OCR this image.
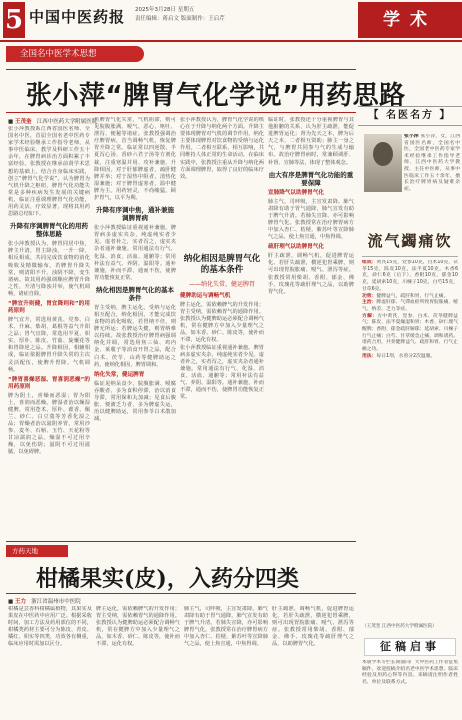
5 中国中医药报 2025年3月28日 星期五
责任编辑：蒋启文 版面制作：王启芹	学术
全国名中医学术思想
张小萍“脾胃气化学说”用药思路
■ 王茂奎 江西中医药大学附属医院

张小萍教授系江西省国医名师、全国名中医，首届全国名老中医药专家学术经验继承工作指导老师，从事中医临床、教学及科研工作五十余年，在脾胃病诊治方面积累了丰富经验。张教授在继承前贤学术思想的基础上，结合自身临床实践，创立“脾胃气化学说”，认为脾胃为气机升降之枢纽，脾胃气化功能失常是多种疾病发生发展的关键病机，临证注重调理脾胃气化功能，用药灵活，疗效显著，现将其用药思路总结如下。

升降有序调脾胃气化的用药整体思路

张小萍教授认为，脾胃同居中焦，脾主升清，胃主降浊，一升一降，相反相成，共同完成饮食物的消化吸收及精微输布。若脾胃升降失常，则清阳不升、浊阴不降，变生诸病。故其用药强调顺应脾胃升降之性，升清与降浊并举，使气机调畅，诸症自除。

“脾宜升则健，胃宜降则和”的用药原则

脾气宜升，常选用黄芪、党参、白术、升麻、柴胡、葛根等益气升阳之品；胃气宜降，常选用半夏、枳实、厚朴、陈皮、竹茹、旋覆花等和胃降逆之品。升降相因，相辅相成，临证依据脾胃升降失常的主次灵活配伍，使脾升胃降，气机调畅。

“脾胃喜燥恶湿、胃喜润恶燥”的用药原则

脾为阴土，喜燥而恶湿；胃为阳土，喜润而恶燥。脾湿者治以燥湿健脾，常用苍术、厚朴、藿香、佩兰、砂仁、白豆蔻等芳香化湿之品；胃燥者治以滋阴养胃，常用沙参、麦冬、石斛、玉竹、天花粉等甘凉濡润之品。燥湿不可过用辛燥，以免伤阴；滋阴不可过用滋腻，以免碍脾。

若脾胃气化失常，气机阻滞，则可见脘腹胀满、嗳气、恶心、呕吐、泄泻、便秘等诸症。张教授强调治疗脾胃病，首当调畅气机，恢复脾胃升降之常。临证常以四逆散、半夏泻心汤、香砂六君子汤等方剂化裁，注重寒温并用、攻补兼施、升降相因。对于肝郁脾虚者，疏肝健脾并举；对于湿热中阻者，清热化湿兼施；对于脾胃虚寒者，温中健脾为主。用药轻灵，不尚峻猛，顾护胃气，以平为期。

升降有序调中焦，通补兼施调脾胃病

张小萍教授临证重视通补兼施。脾胃病多虚实夹杂，纯虚纯实者少见。虚者补之，实者泻之，虚实夹杂者通补兼施。常用通法有行气、化湿、消食、活血、通腑等；常用补法有益气、养阴、温阳等。通补兼施，补而不滞，通而不伤，使脾胃功能恢复正常。

纳化相因是脾胃气化的基本条件

胃主受纳，脾主运化。受纳与运化相互配合，纳化相因，才能完成饮食物的消化吸收。若胃纳不佳，则脾无所运；若脾运失健，则胃纳难以持续。故张教授治疗脾胃病强调纳化并调，常选用焦三仙、鸡内金、莱菔子等消食开胃之品，配合白术、茯苓、山药等健脾助运之药，使纳化相因，脾胃调和。

纳化失常，健运脾胃

临证见纳呆食少、脘腹胀满、嗳腐吞酸者，多为食积停滞，治以消食导滞，常用保和丸加减；见食后腹胀、便溏乏力者，多为脾虚失运，治以健脾助运，常用参苓白术散加减。

张小萍教授认为，脾胃气化学说的核心在于升降与纳化两个方面。升降主要体现脾胃对气机的调节作用，纳化主要体现脾胃对饮食物的受纳与运化作用。二者相互联系，相互影响，共同维持人体正常的生命活动。在临床实践中，张教授注重从升降与纳化两方面调理脾胃，取得了良好的临床疗效。

纳化相因是脾胃气化的基本条件
——纳化失常，健运脾胃
健脾助运与调畅气机

脾主运化，需依赖脾气的升发作用；胃主受纳，需依赖胃气的通降作用。张教授认为健脾助运必须配合调畅气机，常在健脾方中加入少量理气之品，如木香、砂仁、陈皮等，使补而不滞，运化有权。

张小萍教授临证重视通补兼施。脾胃病多虚实夹杂，纯虚纯实者少见。虚者补之，实者泻之，虚实夹杂者通补兼施。常用通法有行气、化湿、消食、活血、通腑等；常用补法有益气、养阴、温阳等。通补兼施，补而不滞，通而不伤，使脾胃功能恢复正常。

临证时，张教授还十分重视脾胃与其他脏腑的关系，认为肝主疏泄，能促进脾胃运化；肾为先天之本，脾为后天之本，二者相互资助；肺主一身之气，与脾胃共同参与气的生成与输布。故治疗脾胃病时，常兼顾调肝、补肾、宣肺等法，体现了整体观念。

由大有序是脾胃气化功能的重要保障
宣肺降气以助脾胃气化

肺主气，司呼吸，主宣发肃降。肺气肃降有助于胃气通降，肺气宣发有助于脾气升清。若肺失宣降，亦可影响脾胃气化。张教授常在治疗脾胃病方中加入杏仁、桔梗、紫苏叶等宣降肺气之品，使上焦宣通，中焦得调。

疏肝理气以助脾胃气化

肝主疏泄，调畅气机，促进脾胃运化。若肝失疏泄，横逆犯胃乘脾，则可出现胃脘胀痛、嗳气、泄泻等症。张教授常用柴胡、香附、郁金、佛手、玫瑰花等疏肝理气之品，以助脾胃气化。

【 名医名方 】
张小萍 张小萍，女，江西省国医名师，全国名中医，全国老中医药专家学术经验继承工作指导老师，江西中医药大学教授、主任中医师，从事中医临床工作五十余年，擅长治疗脾胃病及疑难杂症。
流气蠲痛饮

组成：黄芪15克，党参10克，白术10克，茯苓15克，陈皮10克，法半夏10克，木香6克，砂仁6克（后下），香附10克，郁金10克，延胡索10克，川楝子10克，白芍15克，甘草6克。

功效：健脾益气，疏肝和胃，行气止痛。

主治：脾虚肝郁、气滞血瘀所致胃脘胀痛、嗳气、纳差、乏力等症。

方解：方中黄芪、党参、白术、茯苓健脾益气；陈皮、法半夏燥湿和胃；木香、砂仁理气醒脾；香附、郁金疏肝解郁；延胡索、川楝子行气止痛；白芍、甘草缓急止痛，调和诸药。诸药合用，共奏健脾益气、疏肝和胃、行气止痛之功。

用法：每日1剂，水煎分2次温服。

（王茂奎 江西中医药大学附属医院）
征稿启事
本版学术专栏长期面向广大中医药工作者征集稿件，欢迎投稿介绍名老中医学术思想、临床经验及用药心得等内容。来稿请注明作者姓名、单位及联系方式。
方药天地
柑橘果实(皮)，入药分四类
■ 王力 浙江省温州市中医院

柑橘是芸香科柑橘属植物，其果实及果皮在中医药中应用广泛。根据采收时间、加工方法及药用部位的不同，柑橘类药材主要可分为陈皮、青皮、橘红、枳实等四类，功效各有侧重，临床应用时需加以区分。

脾主运化，需依赖脾气的升发作用；胃主受纳，需依赖胃气的通降作用。张教授认为健脾助运必须配合调畅气机，常在健脾方中加入少量理气之品，如木香、砂仁、陈皮等，使补而不滞，运化有权。

肺主气，司呼吸，主宣发肃降。肺气肃降有助于胃气通降，肺气宣发有助于脾气升清。若肺失宣降，亦可影响脾胃气化。张教授常在治疗脾胃病方中加入杏仁、桔梗、紫苏叶等宣降肺气之品，使上焦宣通，中焦得调。

肝主疏泄，调畅气机，促进脾胃运化。若肝失疏泄，横逆犯胃乘脾，则可出现胃脘胀痛、嗳气、泄泻等症。张教授常用柴胡、香附、郁金、佛手、玫瑰花等疏肝理气之品，以助脾胃气化。
